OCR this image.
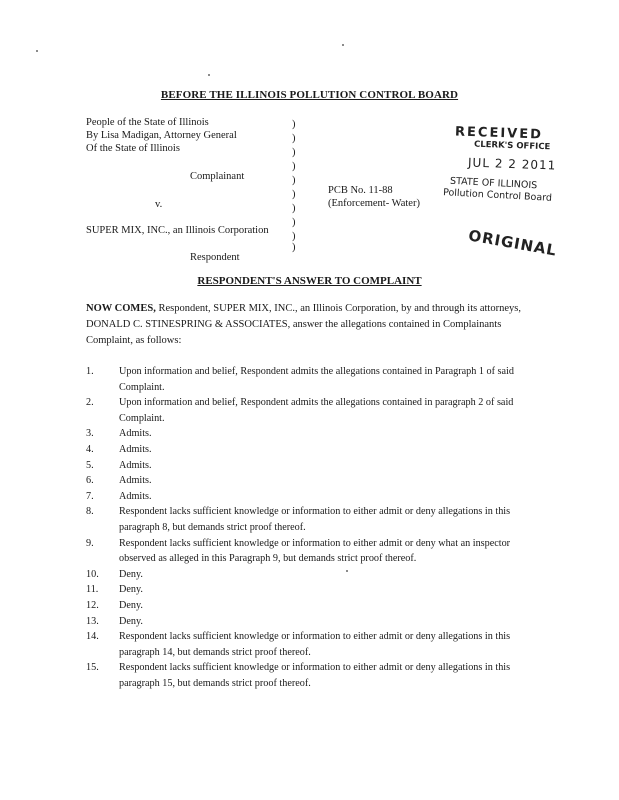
BEFORE THE ILLINOIS POLLUTION CONTROL BOARD
People of the State of Illinois
By Lisa Madigan, Attorney General
Of the State of Illinois
Complainant
v.
SUPER MIX, INC., an Illinois Corporation
Respondent
)
)
)
)
)
)
)
)
)
)
PCB No. 11-88
(Enforcement- Water)
RECEIVED
CLERK'S OFFICE
JUL 2 2 2011
STATE OF ILLINOIS
Pollution Control Board
ORIGINAL
RESPONDENT'S ANSWER TO COMPLAINT
NOW COMES, Respondent, SUPER MIX, INC., an Illinois Corporation, by and through its attorneys, DONALD C. STINESPRING & ASSOCIATES, answer the allegations contained in Complainants Complaint, as follows:
1.	Upon information and belief, Respondent admits the allegations contained in Paragraph 1 of said Complaint.
2.	Upon information and belief, Respondent admits the allegations contained in paragraph 2 of said Complaint.
3.	Admits.
4.	Admits.
5.	Admits.
6.	Admits.
7.	Admits.
8.	Respondent lacks sufficient knowledge or information to either admit or deny allegations in this paragraph 8, but demands strict proof thereof.
9.	Respondent lacks sufficient knowledge or information to either admit or deny what an inspector observed as alleged in this Paragraph 9, but demands strict proof thereof.
10.	Deny.
11.	Deny.
12.	Deny.
13.	Deny.
14.	Respondent lacks sufficient knowledge or information to either admit or deny allegations in this paragraph 14, but demands strict proof thereof.
15.	Respondent lacks sufficient knowledge or information to either admit or deny allegations in this paragraph 15, but demands strict proof thereof.
